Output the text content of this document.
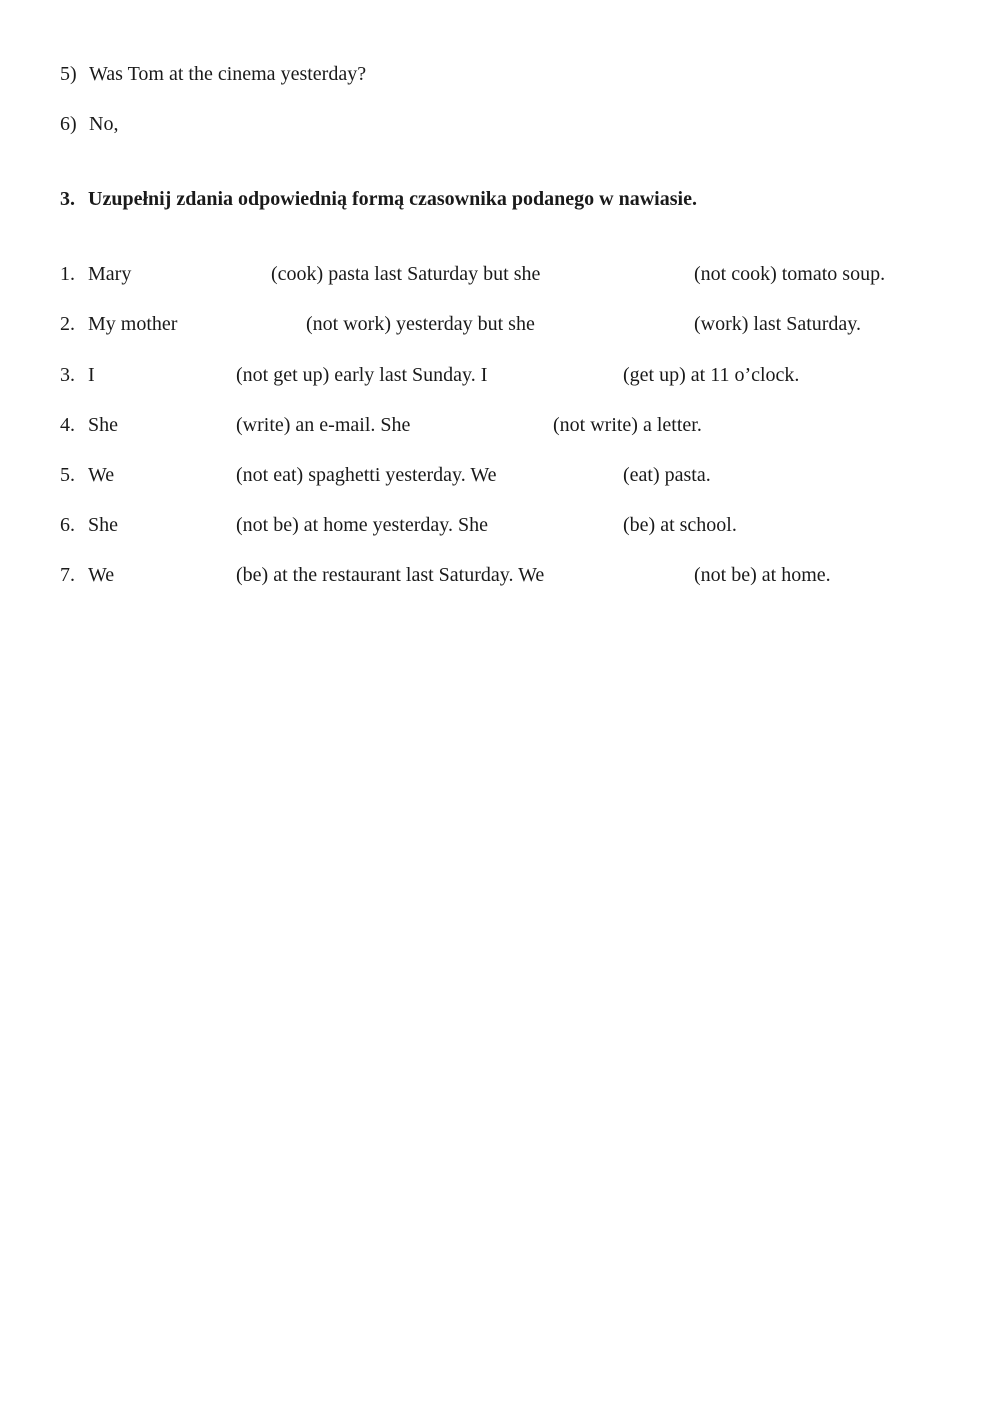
5) Was Tom at the cinema yesterday?
6) No,
3. Uzupełnij zdania odpowiednią formą czasownika podanego w nawiasie.
1. Mary	(cook) pasta last Saturday but she	(not cook) tomato soup.
2. My mother	(not work) yesterday but she	(work) last Saturday.
3. I	(not get up) early last Sunday. I	(get up) at 11 o’clock.
4. She	(write) an e-mail. She	(not write) a letter.
5. We	(not eat) spaghetti yesterday. We	(eat) pasta.
6. She	(not be) at home yesterday. She	(be) at school.
7. We	(be) at the restaurant last Saturday. We	(not be) at home.
